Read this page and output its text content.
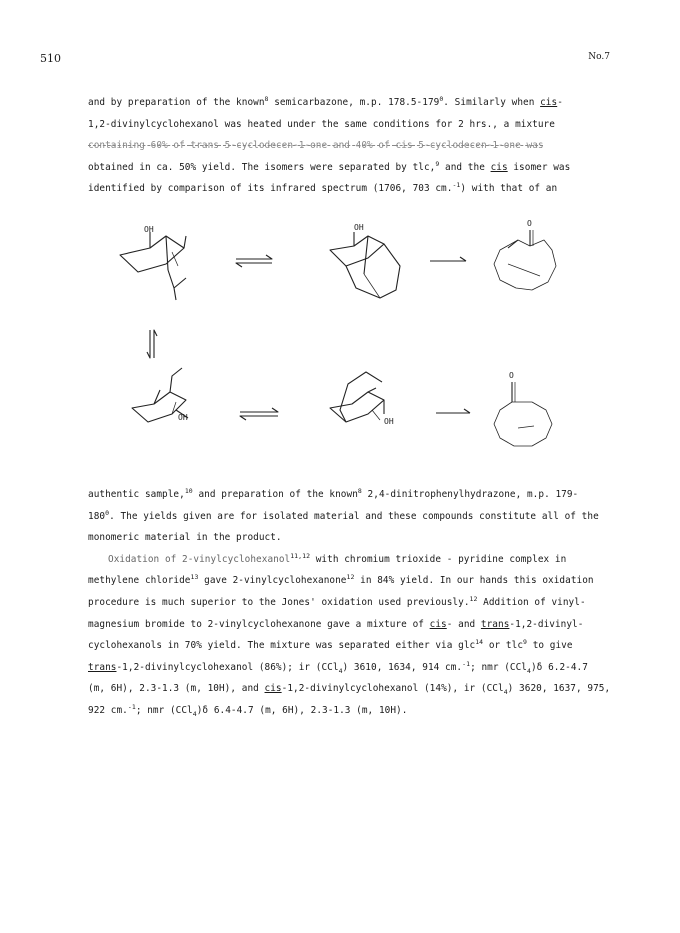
510	No.7

and by preparation of the known$^8$ semicarbazone, m.p. $178.5-179^0$. Similarly when cis-

1,2-divinylcyclohexanol was heated under the same conditions for 2 hrs., a mixture

containing 60% of trans 5-cyclodecen-1-one and 40% of cis 5-cyclodecen-1-one was

obtained in ca. 50% yield. The isomers were separated by tlc,$^9$ and the cis isomer was

identified by comparison of its infrared spectrum (1706, 703 cm.$^{-1}$) with that of an

OH	OH	O
OH	OH
O

authentic sample,$^{10}$ and preparation of the known$^8$ 2,4-dinitrophenylhydrazone, m.p. 179-

$180^0$. The yields given are for isolated material and these compounds constitute all of the

monomeric material in the product.

Oxidation of 2-vinylcyclohexanol$^{11,12}$ with chromium trioxide - pyridine complex in

methylene chloride$^{13}$ gave 2-vinylcyclohexanone$^{12}$ in 84% yield. In our hands this oxidation

procedure is much superior to the Jones' oxidation used previously.$^{12}$ Addition of vinyl-

magnesium bromide to 2-vinylcyclohexanone gave a mixture of cis- and trans-1,2-divinyl-

cyclohexanols in 70% yield. The mixture was separated either via glc$^{14}$ or tlc$^9$ to give

trans-1,2-divinylcyclohexanol (86%); ir (CCl$_4$) 3610, 1634, 914 cm.$^{-1}$; nmr (CCl$_4$)δ 6.2-4.7

(m, 6H), 2.3-1.3 (m, 10H), and cis-1,2-divinylcyclohexanol (14%), ir (CCl$_4$) 3620, 1637, 975,

922 cm.$^{-1}$; nmr (CCl$_4$)δ 6.4-4.7 (m, 6H), 2.3-1.3 (m, 10H).
